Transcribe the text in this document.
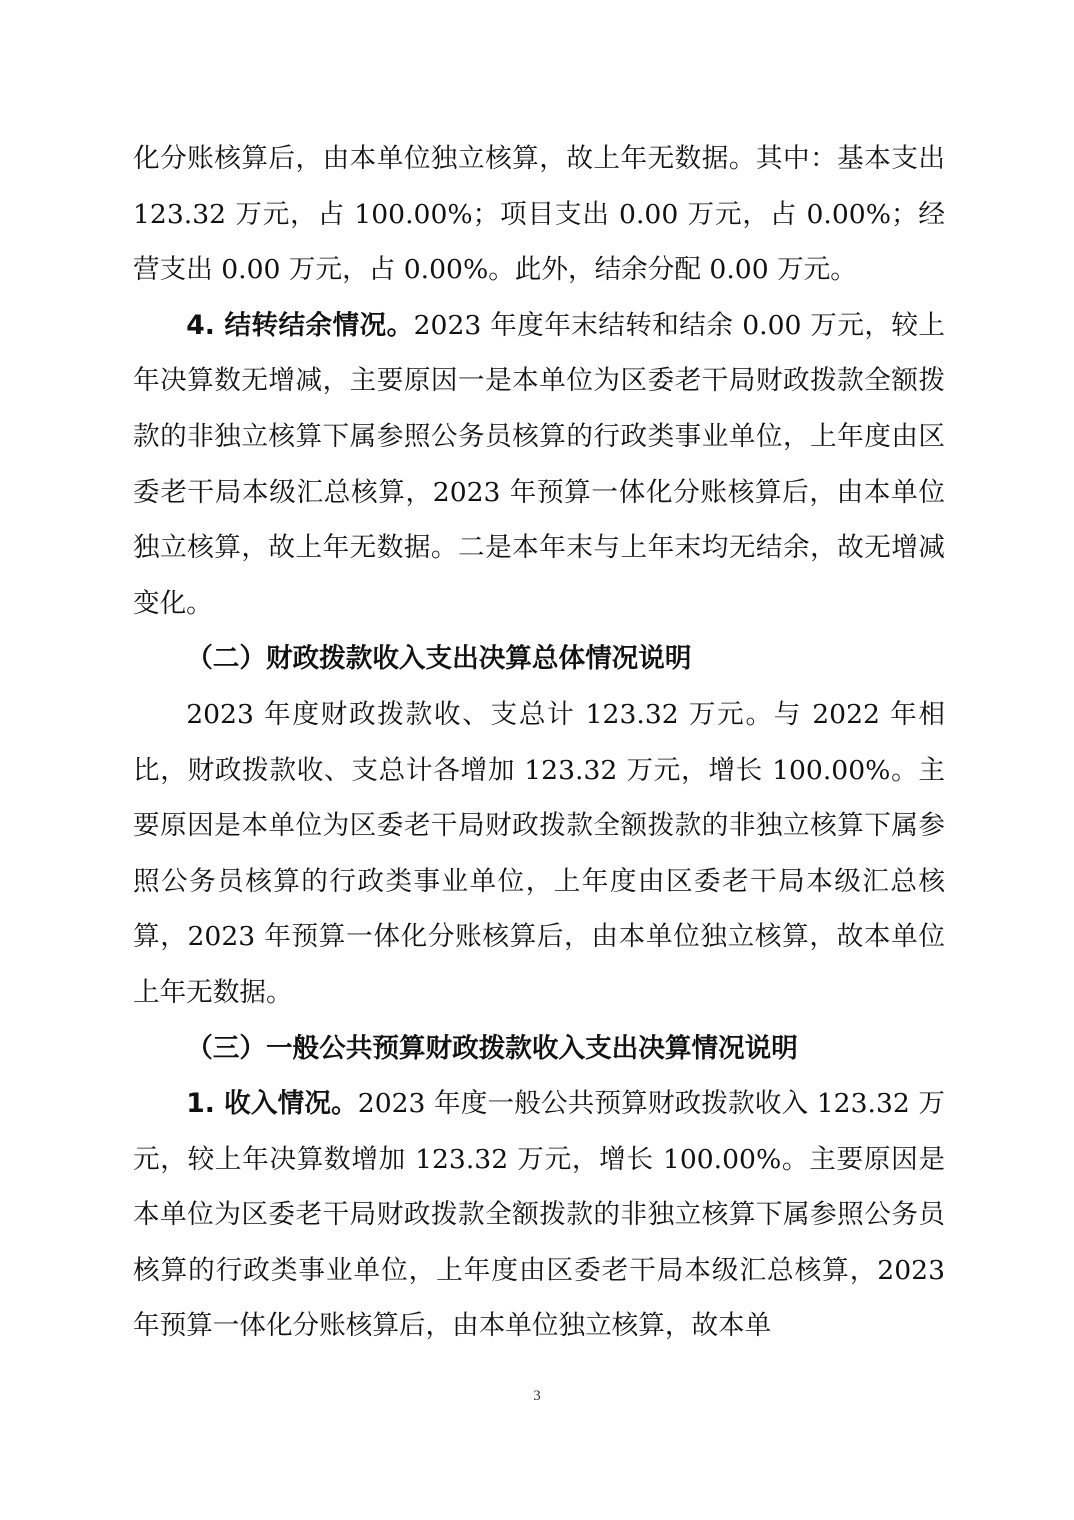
化分账核算后，由本单位独立核算，故上年无数据。其中：基本支出 123.32 万元，占 100.00%；项目支出 0.00 万元，占 0.00%；经营支出 0.00 万元，占 0.00%。此外，结余分配 0.00 万元。

4. 结转结余情况。2023 年度年末结转和结余 0.00 万元，较上年决算数无增减，主要原因一是本单位为区委老干局财政拨款全额拨款的非独立核算下属参照公务员核算的行政类事业单位，上年度由区委老干局本级汇总核算，2023 年预算一体化分账核算后，由本单位独立核算，故上年无数据。二是本年末与上年末均无结余，故无增减变化。

（二）财政拨款收入支出决算总体情况说明

2023 年度财政拨款收、支总计 123.32 万元。与 2022 年相比，财政拨款收、支总计各增加 123.32 万元，增长 100.00%。主要原因是本单位为区委老干局财政拨款全额拨款的非独立核算下属参照公务员核算的行政类事业单位，上年度由区委老干局本级汇总核算，2023 年预算一体化分账核算后，由本单位独立核算，故本单位上年无数据。

（三）一般公共预算财政拨款收入支出决算情况说明

1. 收入情况。2023 年度一般公共预算财政拨款收入 123.32 万元，较上年决算数增加 123.32 万元，增长 100.00%。主要原因是本单位为区委老干局财政拨款全额拨款的非独立核算下属参照公务员核算的行政类事业单位，上年度由区委老干局本级汇总核算，2023 年预算一体化分账核算后，由本单位独立核算，故本单

3
